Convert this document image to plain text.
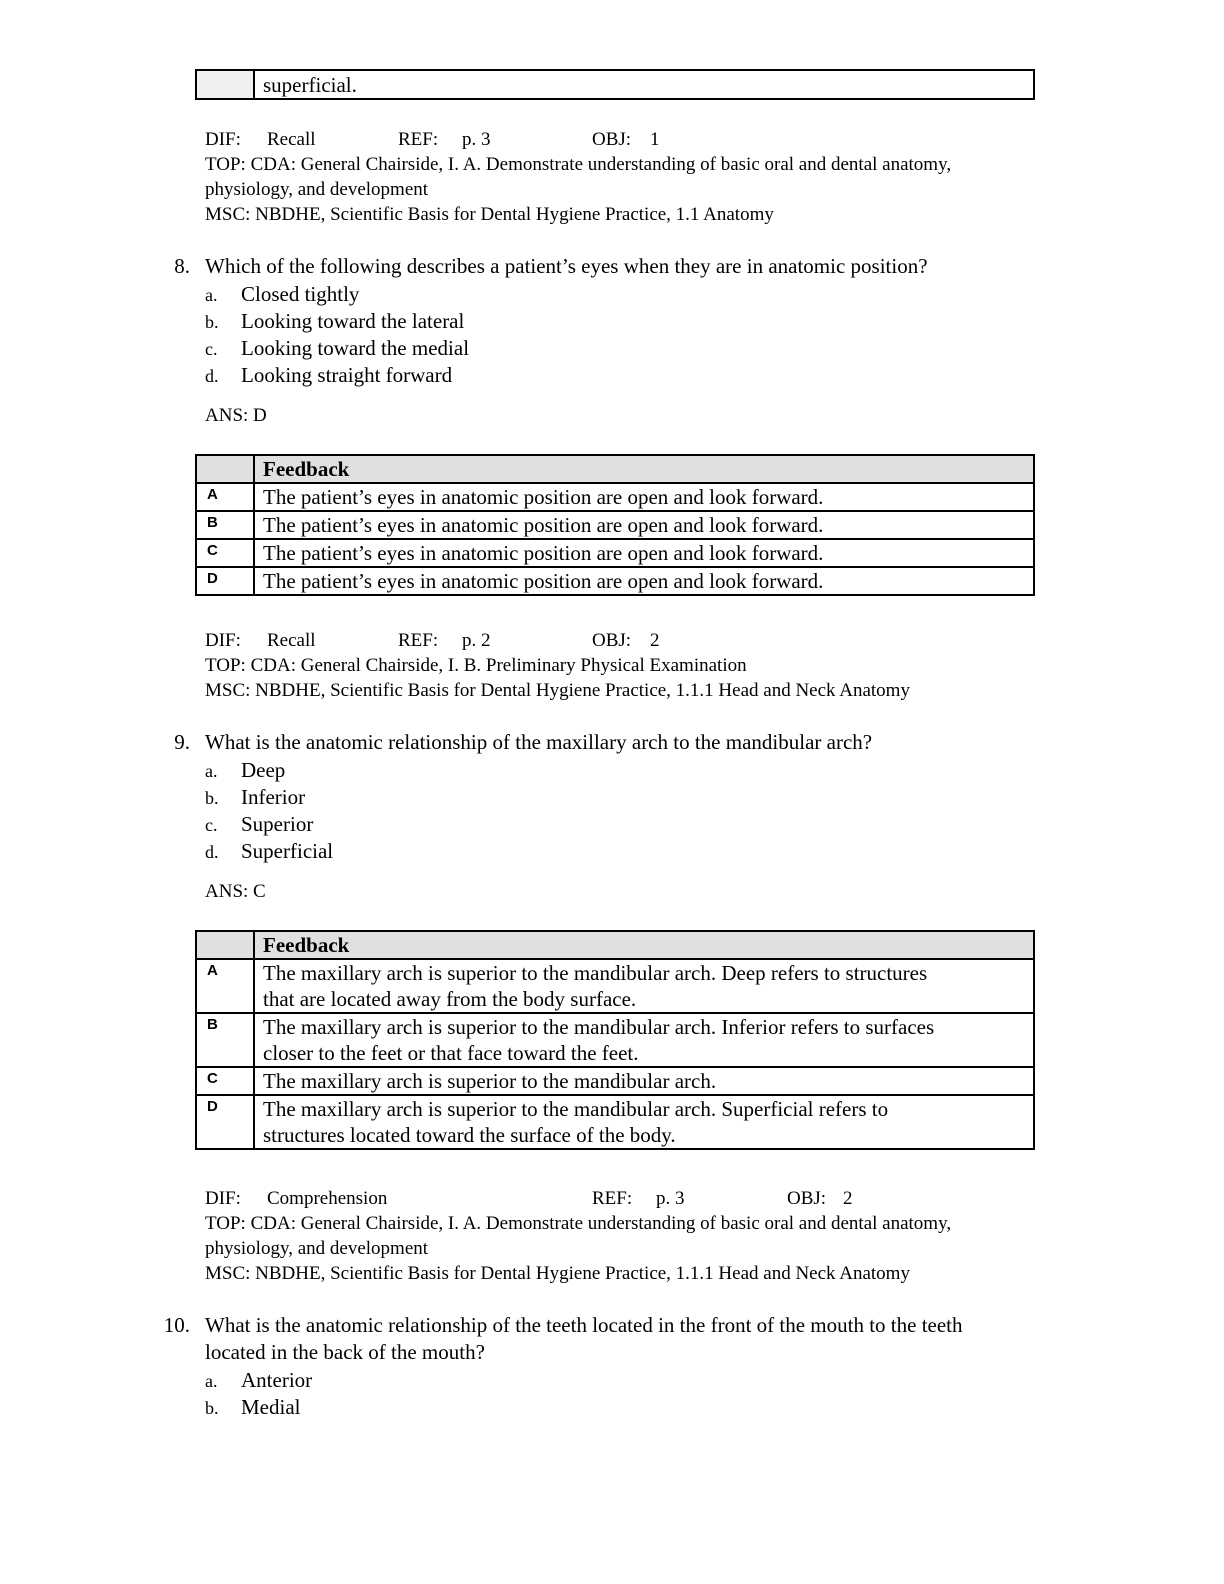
	superficial.
DIF: Recall	REF: p. 3	OBJ: 1
TOP: CDA: General Chairside, I. A. Demonstrate understanding of basic oral and dental anatomy,
physiology, and development
MSC: NBDHE, Scientific Basis for Dental Hygiene Practice, 1.1 Anatomy
8. Which of the following describes a patient’s eyes when they are in anatomic position?
a. Closed tightly
b. Looking toward the lateral
c. Looking toward the medial
d. Looking straight forward
ANS: D
	Feedback
A	The patient’s eyes in anatomic position are open and look forward.
B	The patient’s eyes in anatomic position are open and look forward.
C	The patient’s eyes in anatomic position are open and look forward.
D	The patient’s eyes in anatomic position are open and look forward.
DIF: Recall	REF: p. 2	OBJ: 2
TOP: CDA: General Chairside, I. B. Preliminary Physical Examination
MSC: NBDHE, Scientific Basis for Dental Hygiene Practice, 1.1.1 Head and Neck Anatomy
9. What is the anatomic relationship of the maxillary arch to the mandibular arch?
a. Deep
b. Inferior
c. Superior
d. Superficial
ANS: C
	Feedback
A	The maxillary arch is superior to the mandibular arch. Deep refers to structures
that are located away from the body surface.

B	The maxillary arch is superior to the mandibular arch. Inferior refers to surfaces
closer to the feet or that face toward the feet.

C	The maxillary arch is superior to the mandibular arch.

D	The maxillary arch is superior to the mandibular arch. Superficial refers to
structures located toward the surface of the body.
DIF: Comprehension	REF: p. 3	OBJ: 2
TOP: CDA: General Chairside, I. A. Demonstrate understanding of basic oral and dental anatomy,
physiology, and development
MSC: NBDHE, Scientific Basis for Dental Hygiene Practice, 1.1.1 Head and Neck Anatomy
10. What is the anatomic relationship of the teeth located in the front of the mouth to the teeth
located in the back of the mouth?
a. Anterior
b. Medial
